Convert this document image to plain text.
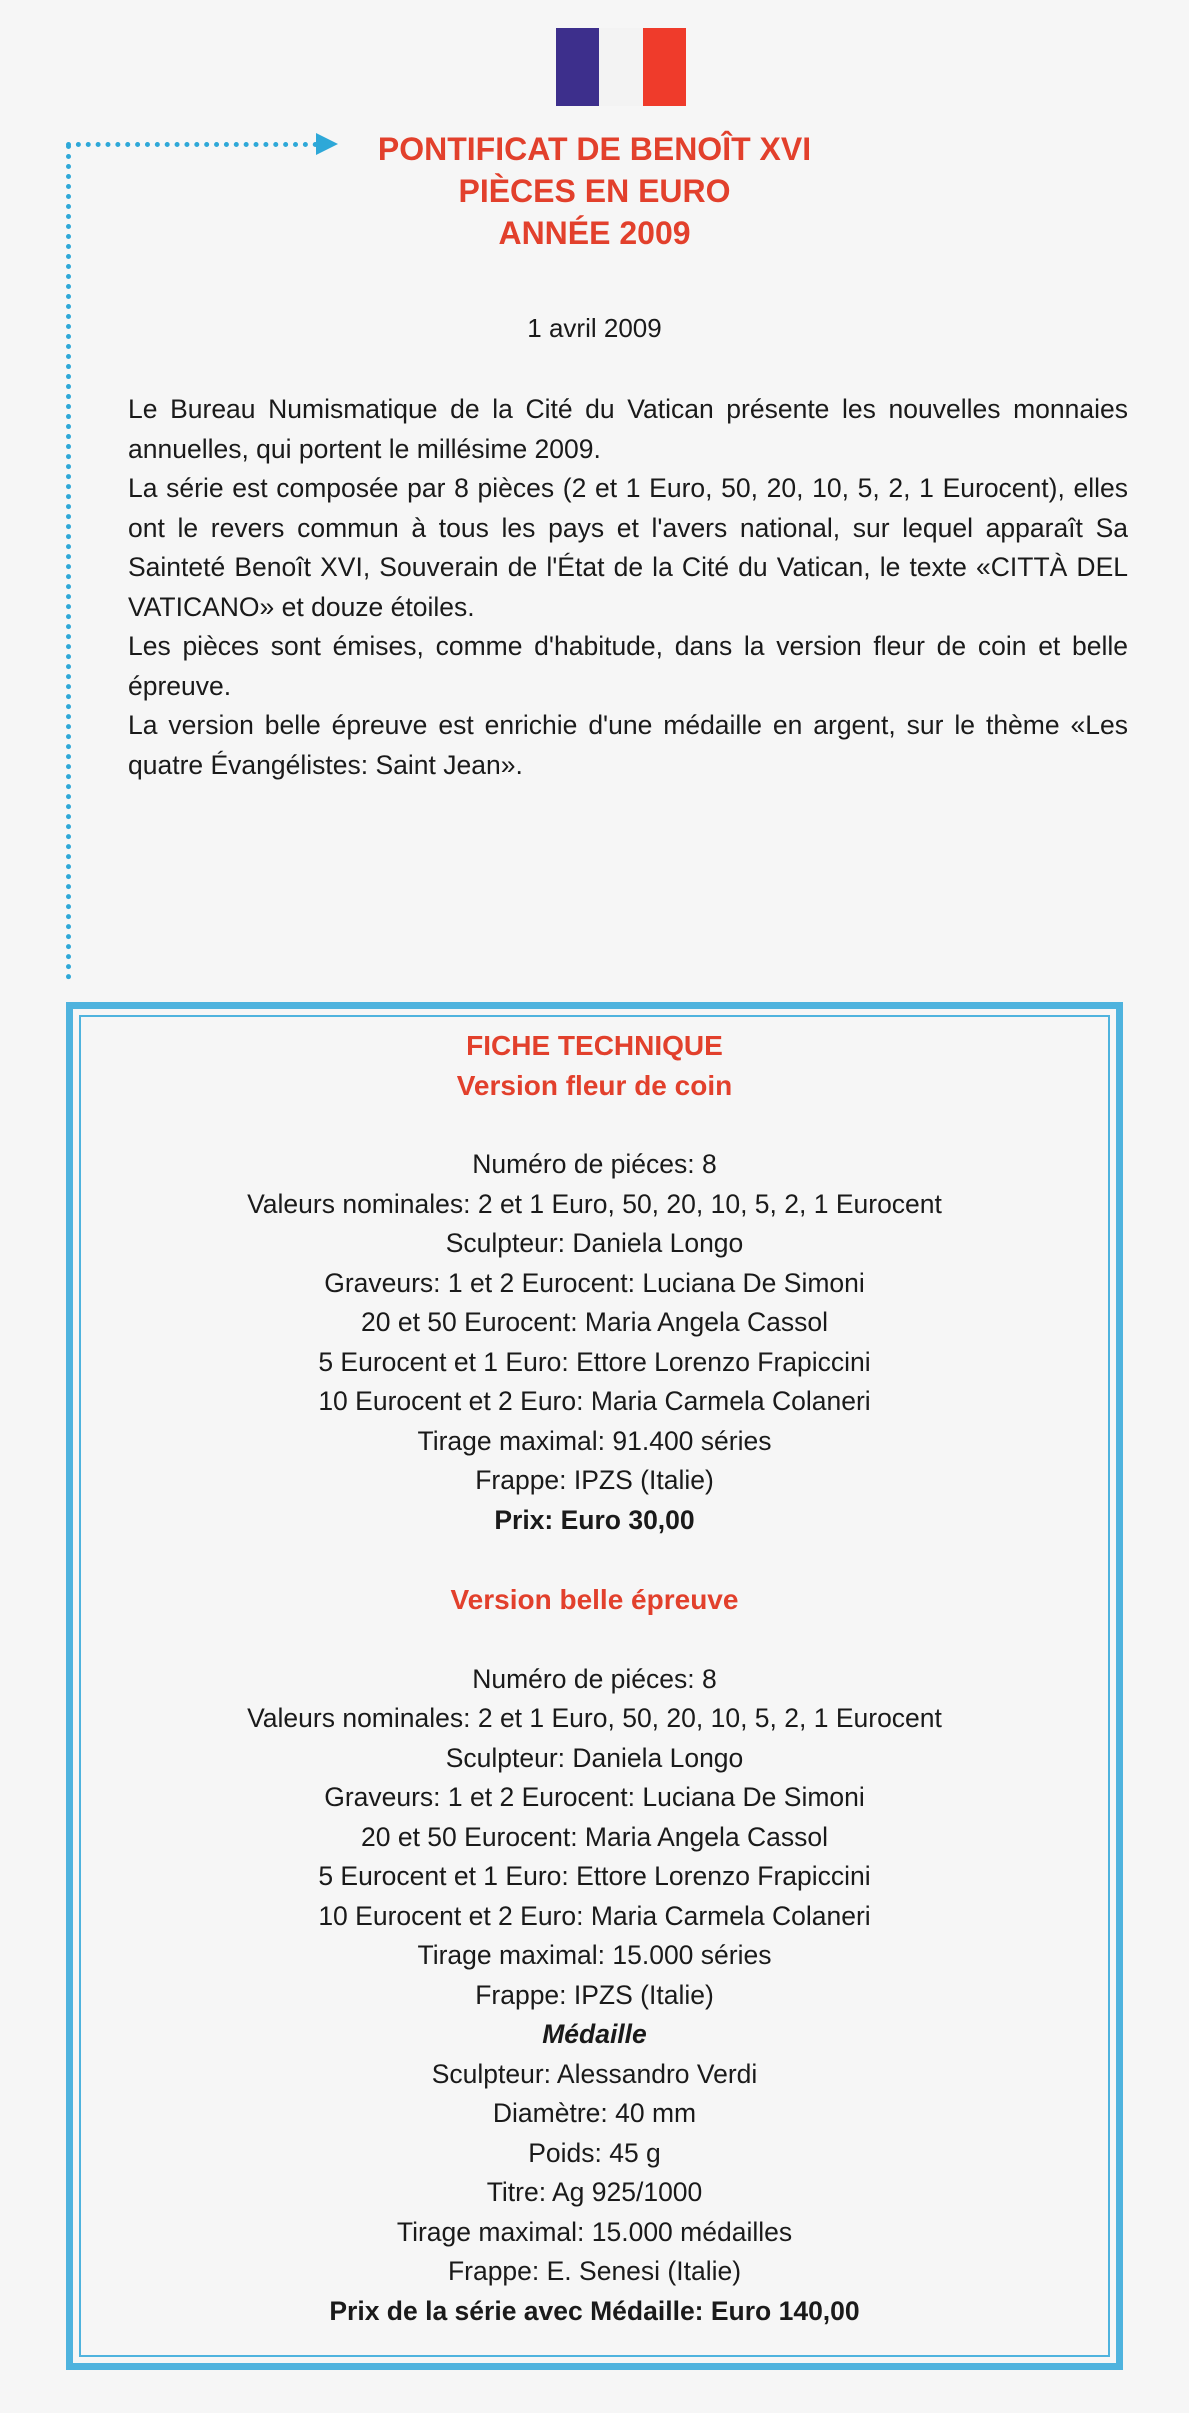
PONTIFICAT DE BENOÎT XVI
PIÈCES EN EURO
ANNÉE 2009
1 avril 2009

Le Bureau Numismatique de la Cité du Vatican présente les nouvelles monnaies annuelles, qui portent le millésime 2009.

La série est composée par 8 pièces (2 et 1 Euro, 50, 20, 10, 5, 2, 1 Eurocent), elles ont le revers commun à tous les pays et l'avers national, sur lequel apparaît Sa Sainteté Benoît XVI, Souverain de l'État de la Cité du Vatican, le texte «CITTÀ DEL VATICANO» et douze étoiles.

Les pièces sont émises, comme d'habitude, dans la version fleur de coin et belle épreuve.

La version belle épreuve est enrichie d'une médaille en argent, sur le thème «Les quatre Évangélistes: Saint Jean».

FICHE TECHNIQUE
Version fleur de coin
Numéro de piéces: 8
Valeurs nominales: 2 et 1 Euro, 50, 20, 10, 5, 2, 1 Eurocent
Sculpteur: Daniela Longo
Graveurs: 1 et 2 Eurocent: Luciana De Simoni
20 et 50 Eurocent: Maria Angela Cassol
5 Eurocent et 1 Euro: Ettore Lorenzo Frapiccini
10 Eurocent et 2 Euro: Maria Carmela Colaneri
Tirage maximal: 91.400 séries
Frappe: IPZS (Italie)
Prix: Euro 30,00
Version belle épreuve
Numéro de piéces: 8
Valeurs nominales: 2 et 1 Euro, 50, 20, 10, 5, 2, 1 Eurocent
Sculpteur: Daniela Longo
Graveurs: 1 et 2 Eurocent: Luciana De Simoni
20 et 50 Eurocent: Maria Angela Cassol
5 Eurocent et 1 Euro: Ettore Lorenzo Frapiccini
10 Eurocent et 2 Euro: Maria Carmela Colaneri
Tirage maximal: 15.000 séries
Frappe: IPZS (Italie)
Médaille
Sculpteur: Alessandro Verdi
Diamètre: 40 mm
Poids: 45 g
Titre: Ag 925/1000
Tirage maximal: 15.000 médailles
Frappe: E. Senesi (Italie)
Prix de la série avec Médaille: Euro 140,00
